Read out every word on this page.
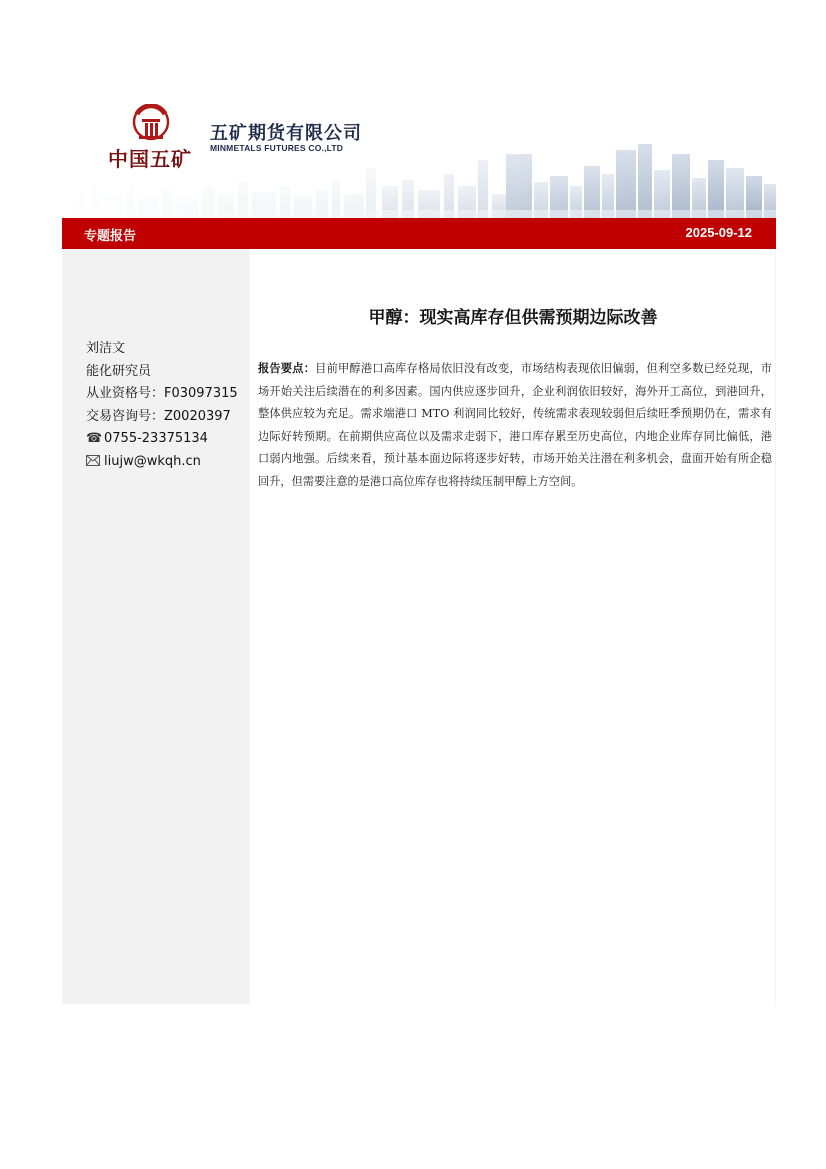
中国五矿
五矿期货有限公司
MINMETALS FUTURES CO.,LTD
专题报告	2025-09-12
刘洁文
能化研究员
从业资格号：F03097315
交易咨询号：Z0020397
☎ 0755-23375134
liujw@wkqh.cn
甲醇：现实高库存但供需预期边际改善
报告要点：目前甲醇港口高库存格局依旧没有改变，市场结构表现依旧偏弱，但利空多数已经兑现，市场开始关注后续潜在的利多因素。国内供应逐步回升，企业利润依旧较好，海外开工高位，到港回升，整体供应较为充足。需求端港口 MTO 利润同比较好，传统需求表现较弱但后续旺季预期仍在，需求有边际好转预期。在前期供应高位以及需求走弱下，港口库存累至历史高位，内地企业库存同比偏低，港口弱内地强。后续来看，预计基本面边际将逐步好转，市场开始关注潜在利多机会，盘面开始有所企稳回升，但需要注意的是港口高位库存也将持续压制甲醇上方空间。
